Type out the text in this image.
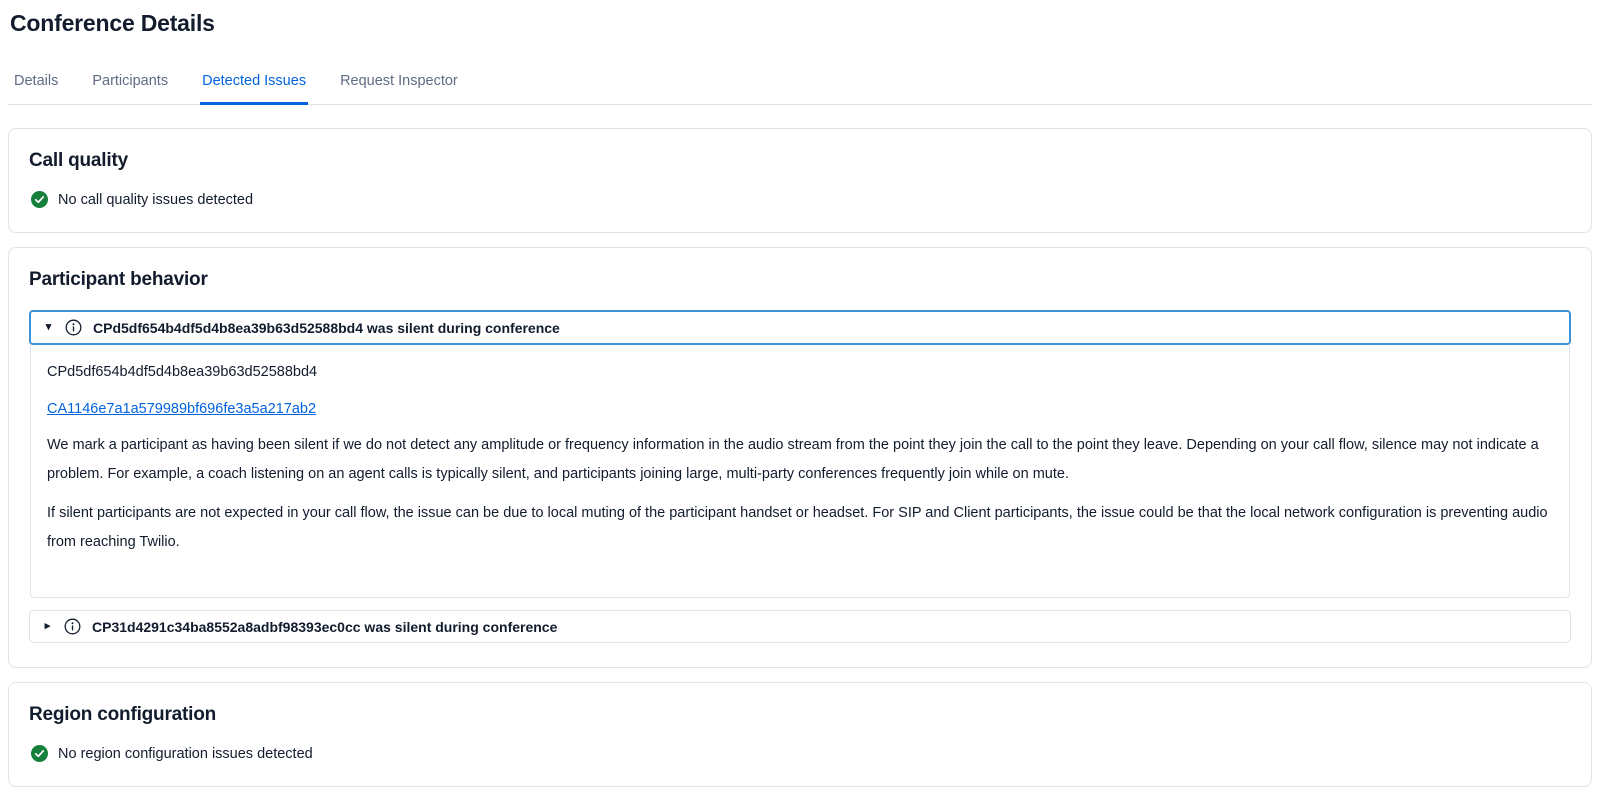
Conference Details
Details Participants Detected Issues Request Inspector
Call quality
No call quality issues detected
Participant behavior
▾	CPd5df654b4df5d4b8ea39b63d52588bd4 was silent during conference
CPd5df654b4df5d4b8ea39b63d52588bd4
CA1146e7a1a579989bf696fe3a5a217ab2

We mark a participant as having been silent if we do not detect any amplitude or frequency information in the audio stream from the point they join the call to the point they leave. Depending on your call flow, silence may not indicate a problem. For example, a coach listening on an agent calls is typically silent, and participants joining large, multi-party conferences frequently join while on mute.

If silent participants are not expected in your call flow, the issue can be due to local muting of the participant handset or headset. For SIP and Client participants, the issue could be that the local network configuration is preventing audio from reaching Twilio.

▸	CP31d4291c34ba8552a8adbf98393ec0cc was silent during conference
Region configuration
No region configuration issues detected
